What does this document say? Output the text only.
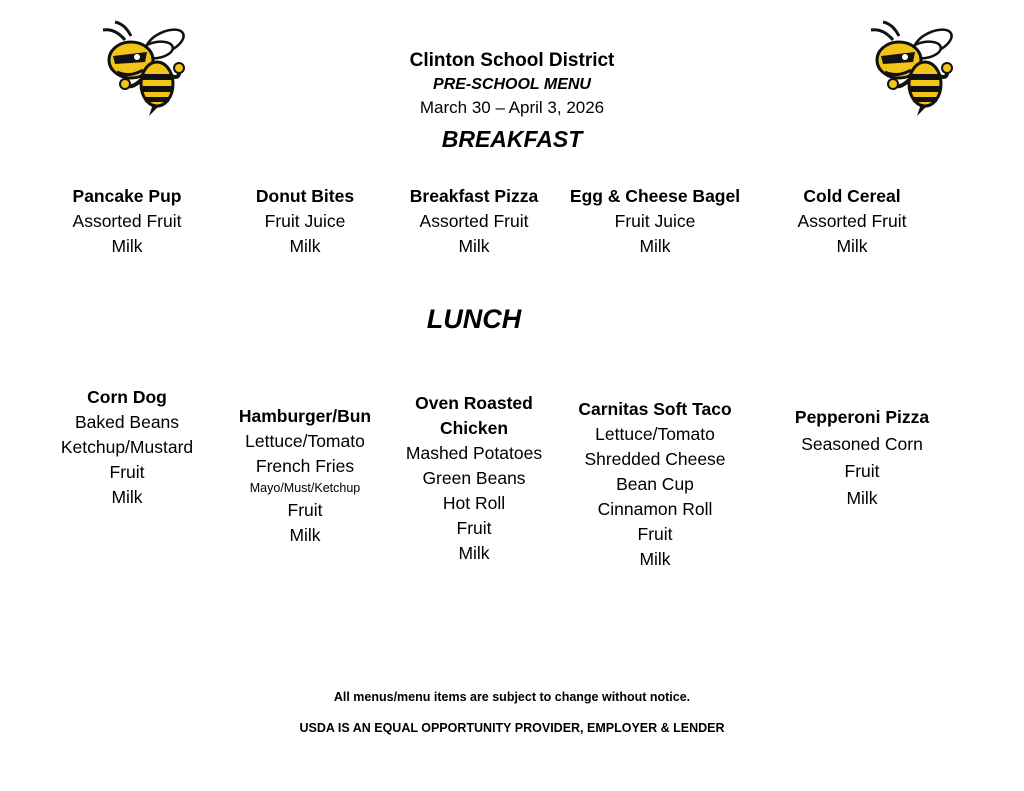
Clinton School District
PRE-SCHOOL MENU
March 30 – April 3, 2026
BREAKFAST
Pancake Pup
Assorted Fruit
Milk
Donut Bites
Fruit Juice
Milk
Breakfast Pizza
Assorted Fruit
Milk
Egg & Cheese Bagel
Fruit Juice
Milk
Cold Cereal
Assorted Fruit
Milk
LUNCH
Corn Dog
Baked Beans
Ketchup/Mustard
Fruit
Milk
Hamburger/Bun
Lettuce/Tomato
French Fries
Mayo/Must/Ketchup
Fruit
Milk
Oven Roasted
Chicken
Mashed Potatoes
Green Beans
Hot Roll
Fruit
Milk
Carnitas Soft Taco
Lettuce/Tomato
Shredded Cheese
Bean Cup
Cinnamon Roll
Fruit
Milk
Pepperoni Pizza
Seasoned Corn
Fruit
Milk
All menus/menu items are subject to change without notice.
USDA IS AN EQUAL OPPORTUNITY PROVIDER, EMPLOYER & LENDER
